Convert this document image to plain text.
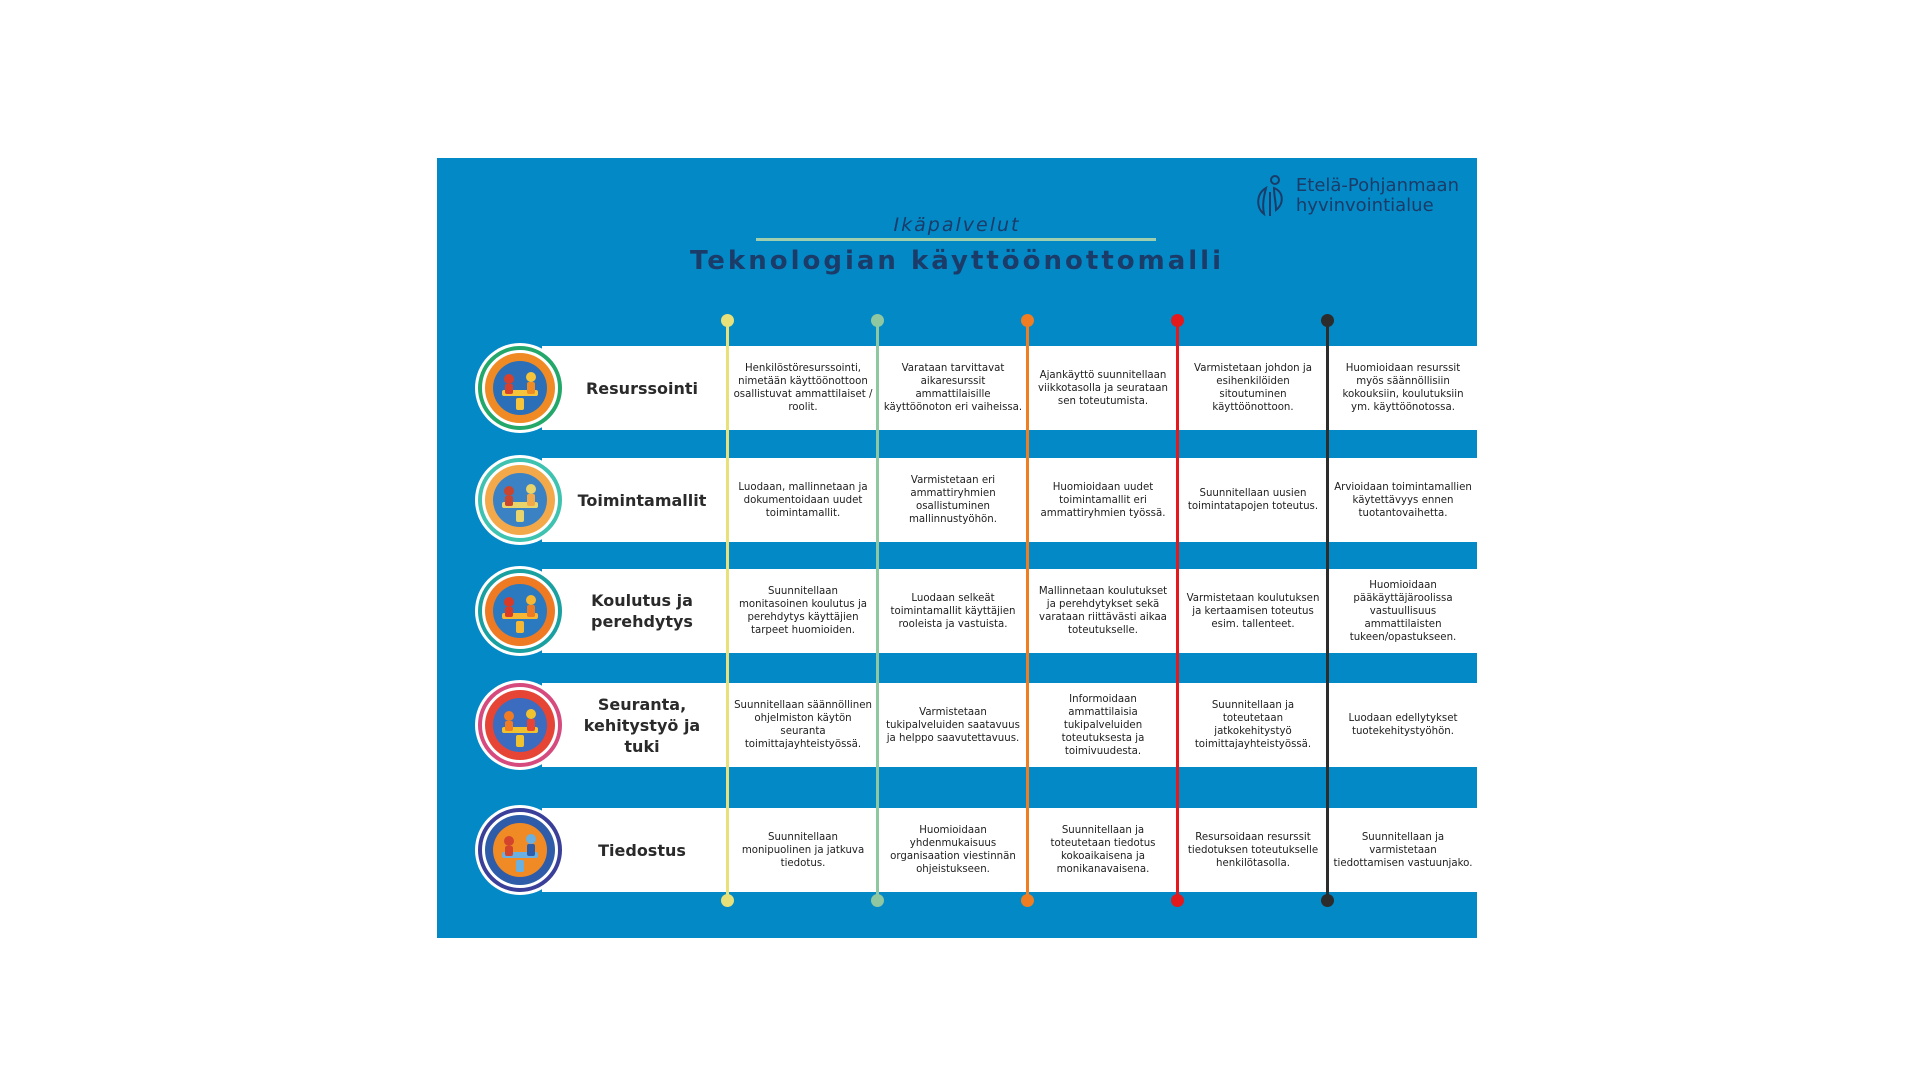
Etelä-Pohjanmaan
hyvinvointialue
Ikäpalvelut
Teknologian käyttöönottomalli
Resurssointi
Henkilöstöresurssointi, nimetään käyttöönottoon osallistuvat ammattilaiset / roolit.
Varataan tarvittavat aikaresurssit ammattilaisille käyttöönoton eri vaiheissa.
Ajankäyttö suunnitellaan viikkotasolla ja seurataan sen toteutumista.
Varmistetaan johdon ja esihenkilöiden sitoutuminen käyttöönottoon.
Huomioidaan resurssit myös säännöllisiin kokouksiin, koulutuksiin ym. käyttöönotossa.
Toimintamallit
Luodaan, mallinnetaan ja dokumentoidaan uudet toimintamallit.
Varmistetaan eri ammattiryhmien osallistuminen mallinnustyöhön.
Huomioidaan uudet toimintamallit eri ammattiryhmien työssä.
Suunnitellaan uusien toimintatapojen toteutus.
Arvioidaan toimintamallien käytettävyys ennen tuotantovaihetta.
Koulutus ja perehdytys
Suunnitellaan monitasoinen koulutus ja perehdytys käyttäjien tarpeet huomioiden.
Luodaan selkeät toimintamallit käyttäjien rooleista ja vastuista.
Mallinnetaan koulutukset ja perehdytykset sekä varataan riittävästi aikaa toteutukselle.
Varmistetaan koulutuksen ja kertaamisen toteutus esim. tallenteet.
Huomioidaan pääkäyttäjäroolissa vastuullisuus ammattilaisten tukeen/opastukseen.
Seuranta, kehitystyö ja tuki
Suunnitellaan säännöllinen ohjelmiston käytön seuranta toimittajayhteistyössä.
Varmistetaan tukipalveluiden saatavuus ja helppo saavutettavuus.
Informoidaan ammattilaisia tukipalveluiden toteutuksesta ja toimivuudesta.
Suunnitellaan ja toteutetaan jatkokehitystyö toimittajayhteistyössä.
Luodaan edellytykset tuotekehitystyöhön.
Tiedostus
Suunnitellaan monipuolinen ja jatkuva tiedotus.
Huomioidaan yhdenmukaisuus organisaation viestinnän ohjeistukseen.
Suunnitellaan ja toteutetaan tiedotus kokoaikaisena ja monikanavaisena.
Resursoidaan resurssit tiedotuksen toteutukselle henkilötasolla.
Suunnitellaan ja varmistetaan tiedottamisen vastuunjako.
